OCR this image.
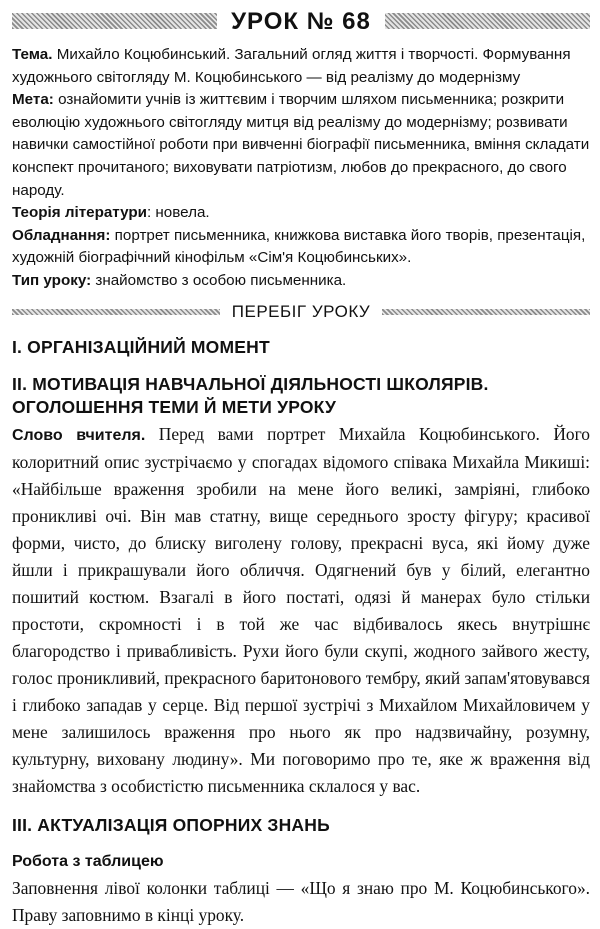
УРОК № 68

Тема. Михайло Коцюбинський. Загальний огляд життя і творчості. Формування художнього світогляду М. Коцюбинського — від реалізму до модернізму

Мета: ознайомити учнів із життєвим і творчим шляхом письменника; розкрити еволюцію художнього світогляду митця від реалізму до модернізму; розвивати навички самостійної роботи при вивченні біографії письменника, вміння складати конспект прочитаного; виховувати патріотизм, любов до прекрасного, до свого народу.

Теорія літератури: новела.

Обладнання: портрет письменника, книжкова виставка його творів, презентація, художній біографічний кінофільм «Сім'я Коцюбинських».

Тип уроку: знайомство з особою письменника.

ПЕРЕБІГ УРОКУ
І. ОРГАНІЗАЦІЙНИЙ МОМЕНТ
ІІ. МОТИВАЦІЯ НАВЧАЛЬНОЇ ДІЯЛЬНОСТІ ШКОЛЯРІВ. ОГОЛОШЕННЯ ТЕМИ Й МЕТИ УРОКУ

Слово вчителя. Перед вами портрет Михайла Коцюбинського. Його колоритний опис зустрічаємо у спогадах відомого співака Михайла Микиші: «Найбільше враження зробили на мене його великі, замріяні, глибоко проникливі очі. Він мав статну, вище середнього зросту фігуру; красивої форми, чисто, до блиску виголену голову, прекрасні вуса, які йому дуже йшли і прикрашували його обличчя. Одягнений був у білий, елегантно пошитий костюм. Взагалі в його постаті, одязі й манерах було стільки простоти, скромності і в той же час відбивалось якесь внутрішнє благородство і привабливість. Рухи його були скупі, жодного зайвого жесту, голос проникливий, прекрасного баритонового тембру, який запам'ятовувався і глибоко западав у серце. Від першої зустрічі з Михайлом Михайловичем у мене залишилось враження про нього як про надзвичайну, розумну, культурну, виховану людину». Ми поговоримо про те, яке ж враження від знайомства з особистістю письменника склалося у вас.

ІІІ. АКТУАЛІЗАЦІЯ ОПОРНИХ ЗНАНЬ
Робота з таблицею

Заповнення лівої колонки таблиці — «Що я знаю про М. Коцюбинського». Праву заповнимо в кінці уроку.
